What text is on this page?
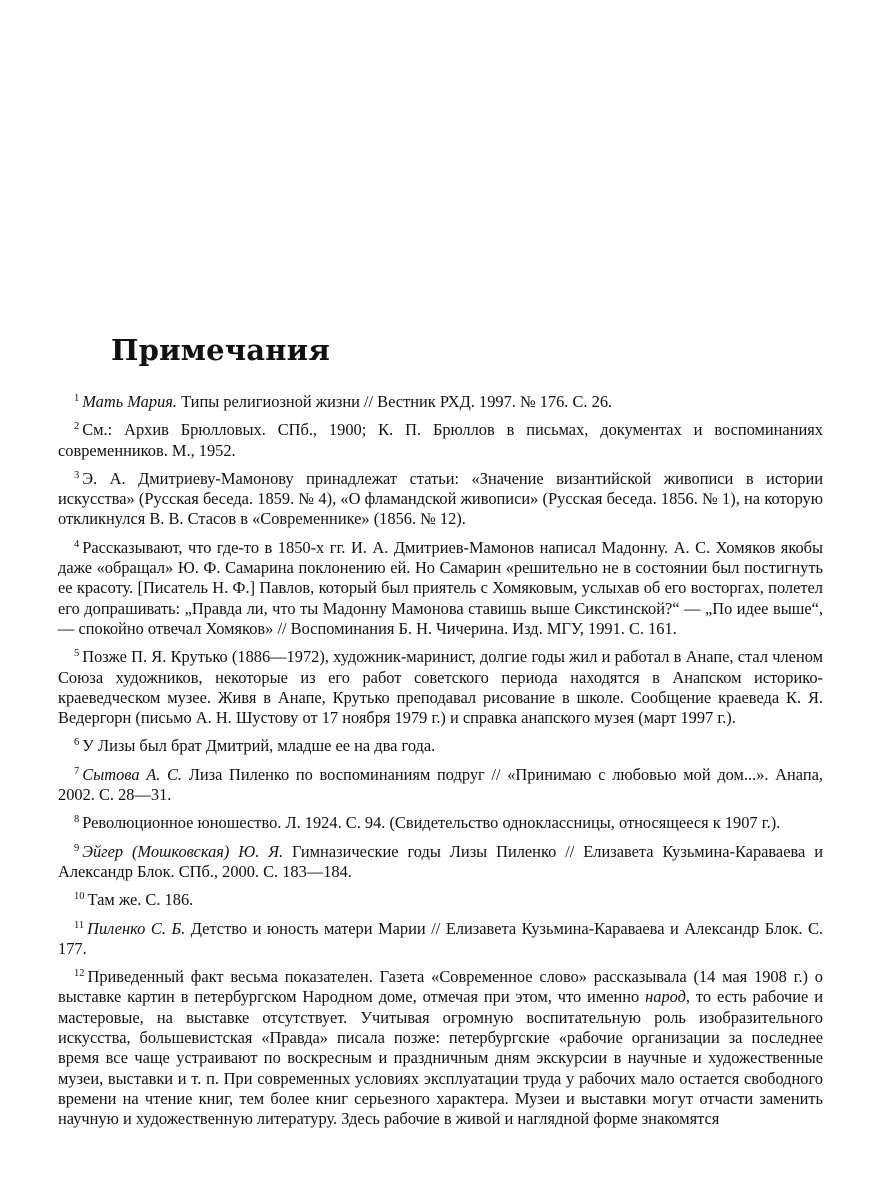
Примечания

$^1$ Мать Мария. Типы религиозной жизни // Вестник РХД. 1997. № 176. С. 26.

$^2$ См.: Архив Брюлловых. СПб., 1900; К. П. Брюллов в письмах, документах и воспоминаниях современников. М., 1952.

$^3$ Э. А. Дмитриеву-Мамонову принадлежат статьи: «Значение византийской живописи в истории искусства» (Русская беседа. 1859. № 4), «О фламандской живописи» (Русская беседа. 1856. № 1), на которую откликнулся В. В. Стасов в «Современнике» (1856. № 12).

$^4$ Рассказывают, что где-то в 1850-х гг. И. А. Дмитриев-Мамонов написал Мадонну. А. С. Хомяков якобы даже «обращал» Ю. Ф. Самарина поклонению ей. Но Самарин «решительно не в состоянии был постигнуть ее красоту. [Писатель Н. Ф.] Павлов, который был приятель с Хомяковым, услыхав об его восторгах, полетел его допрашивать: „Правда ли, что ты Мадонну Мамонова ставишь выше Сикстинской?“ — „По идее выше“, — спокойно отвечал Хомяков» // Воспоминания Б. Н. Чичерина. Изд. МГУ, 1991. С. 161.

$^5$ Позже П. Я. Крутько (1886—1972), художник-маринист, долгие годы жил и работал в Анапе, стал членом Союза художников, некоторые из его работ советского периода находятся в Анапском историко-краеведческом музее. Живя в Анапе, Крутько преподавал рисование в школе. Сообщение краеведа К. Я. Ведергорн (письмо А. Н. Шустову от 17 ноября 1979 г.) и справка анапского музея (март 1997 г.).

$^6$ У Лизы был брат Дмитрий, младше ее на два года.

$^7$ Сытова А. С. Лиза Пиленко по воспоминаниям подруг // «Принимаю с любовью мой дом...». Анапа, 2002. С. 28—31.

$^8$ Революционное юношество. Л. 1924. С. 94. (Свидетельство одноклассницы, относящееся к 1907 г.).

$^9$ Эйгер (Мошковская) Ю. Я. Гимназические годы Лизы Пиленко // Елизавета Кузьмина-Караваева и Александр Блок. СПб., 2000. С. 183—184.

$^{10}$ Там же. С. 186.

$^{11}$ Пиленко С. Б. Детство и юность матери Марии // Елизавета Кузьмина-Караваева и Александр Блок. С. 177.

$^{12}$ Приведенный факт весьма показателен. Газета «Современное слово» рассказывала (14 мая 1908 г.) о выставке картин в петербургском Народном доме, отмечая при этом, что именно народ, то есть рабочие и мастеровые, на выставке отсутствует. Учитывая огромную воспитательную роль изобразительного искусства, большевистская «Правда» писала позже: петербургские «рабочие организации за последнее время все чаще устраивают по воскресным и праздничным дням экскурсии в научные и художественные музеи, выставки и т. п. При современных условиях эксплуатации труда у рабочих мало остается свободного времени на чтение книг, тем более книг серьезного характера. Музеи и выставки могут отчасти заменить научную и художественную литературу. Здесь рабочие в живой и наглядной форме знакомятся
